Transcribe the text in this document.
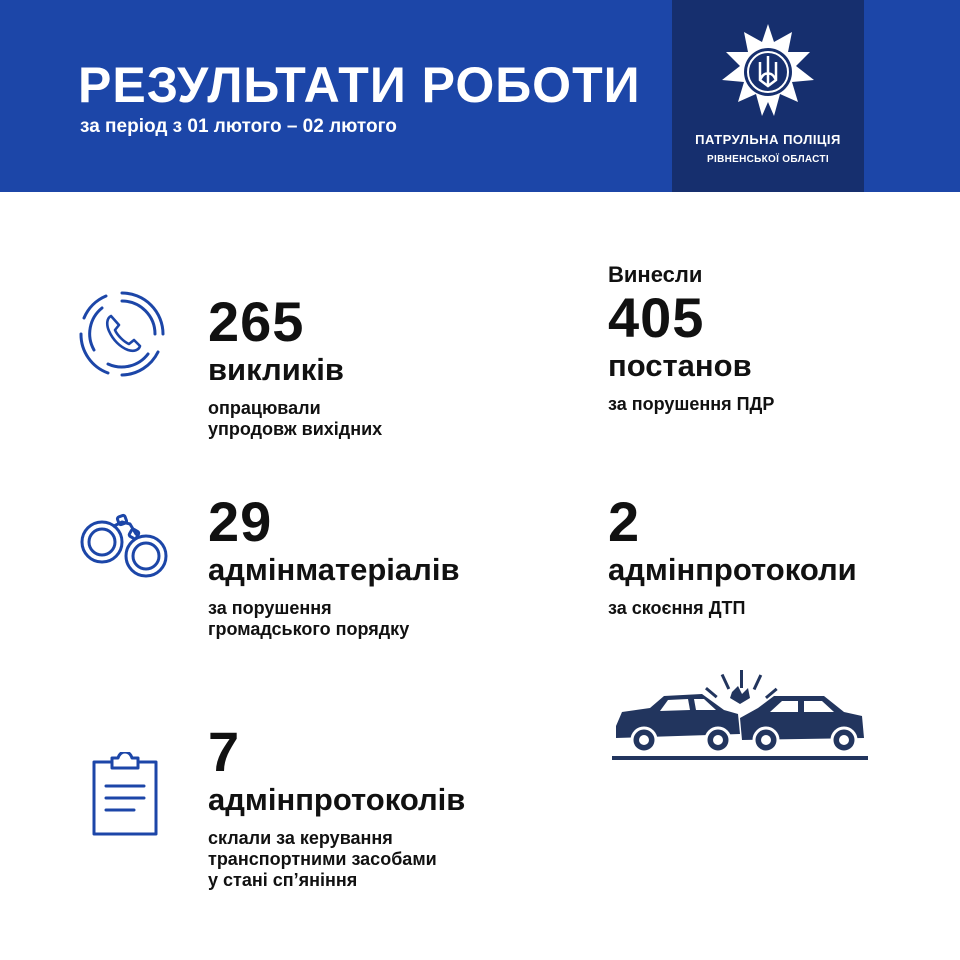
РЕЗУЛЬТАТИ РОБОТИ
за період з 01 лютого – 02 лютого
ПАТРУЛЬНА ПОЛІЦІЯ
РІВНЕНСЬКОЇ ОБЛАСТІ
265
викликів
опрацювали
упродовж вихідних
Винесли
405
постанов
за порушення ПДР
29
адмінматеріалів
за порушення
громадського порядку
2
адмінпротоколи
за скоєння ДТП
7
адмінпротоколів
склали за керування
транспортними засобами
у стані сп’яніння
